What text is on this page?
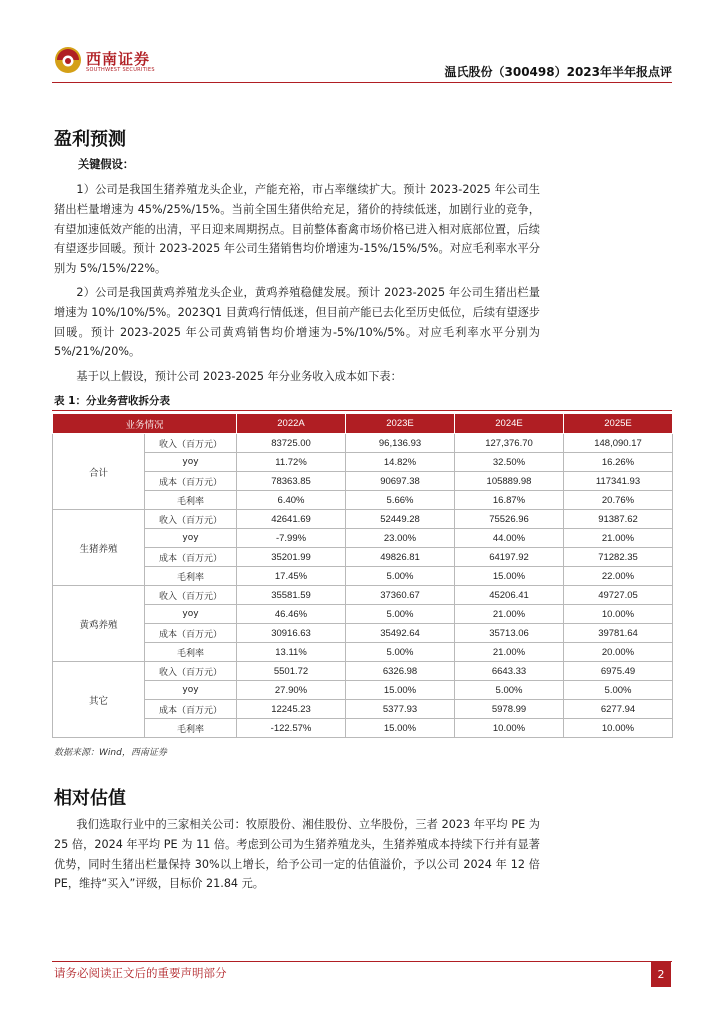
西南证券
SOUTHWEST SECURITIES	温氏股份（300498）2023年半年报点评
盈利预测
关键假设：

1）公司是我国生猪养殖龙头企业，产能充裕，市占率继续扩大。预计 2023-2025 年公司生猪出栏量增速为 45%/25%/15%。当前全国生猪供给充足，猪价的持续低迷，加剧行业的竞争，有望加速低效产能的出清，平日迎来周期拐点。目前整体畜禽市场价格已进入相对底部位置，后续有望逐步回暖。预计 2023-2025 年公司生猪销售均价增速为-15%/15%/5%。对应毛利率水平分别为 5%/15%/22%。

2）公司是我国黄鸡养殖龙头企业，黄鸡养殖稳健发展。预计 2023-2025 年公司生猪出栏量增速为 10%/10%/5%。2023Q1 目黄鸡行情低迷，但目前产能已去化至历史低位，后续有望逐步回暖。预计 2023-2025 年公司黄鸡销售均价增速为-5%/10%/5%。对应毛利率水平分别为 5%/21%/20%。

基于以上假设，预计公司 2023-2025 年分业务收入成本如下表：

表 1：分业务营收拆分表
业务情况		2022A	2023E	2024E	2025E
合计	收入（百万元）	83725.00	96,136.93	127,376.70	148,090.17
	yoy	11.72%	14.82%	32.50%	16.26%
	成本（百万元）	78363.85	90697.38	105889.98	117341.93
	毛利率	6.40%	5.66%	16.87%	20.76%
生猪养殖	收入（百万元）	42641.69	52449.28	75526.96	91387.62
	yoy	-7.99%	23.00%	44.00%	21.00%
	成本（百万元）	35201.99	49826.81	64197.92	71282.35
	毛利率	17.45%	5.00%	15.00%	22.00%
黄鸡养殖	收入（百万元）	35581.59	37360.67	45206.41	49727.05
	yoy	46.46%	5.00%	21.00%	10.00%
	成本（百万元）	30916.63	35492.64	35713.06	39781.64
	毛利率	13.11%	5.00%	21.00%	20.00%
其它	收入（百万元）	5501.72	6326.98	6643.33	6975.49
	yoy	27.90%	15.00%	5.00%	5.00%
	成本（百万元）	12245.23	5377.93	5978.99	6277.94
	毛利率	-122.57%	15.00%	10.00%	10.00%
数据来源：Wind，西南证券
相对估值

我们选取行业中的三家相关公司：牧原股份、湘佳股份、立华股份，三者 2023 年平均 PE 为 25 倍，2024 年平均 PE 为 11 倍。考虑到公司为生猪养殖龙头，生猪养殖成本持续下行并有显著优势，同时生猪出栏量保持 30%以上增长，给予公司一定的估值溢价，予以公司 2024 年 12 倍 PE，维持“买入”评级，目标价 21.84 元。

请务必阅读正文后的重要声明部分	2
